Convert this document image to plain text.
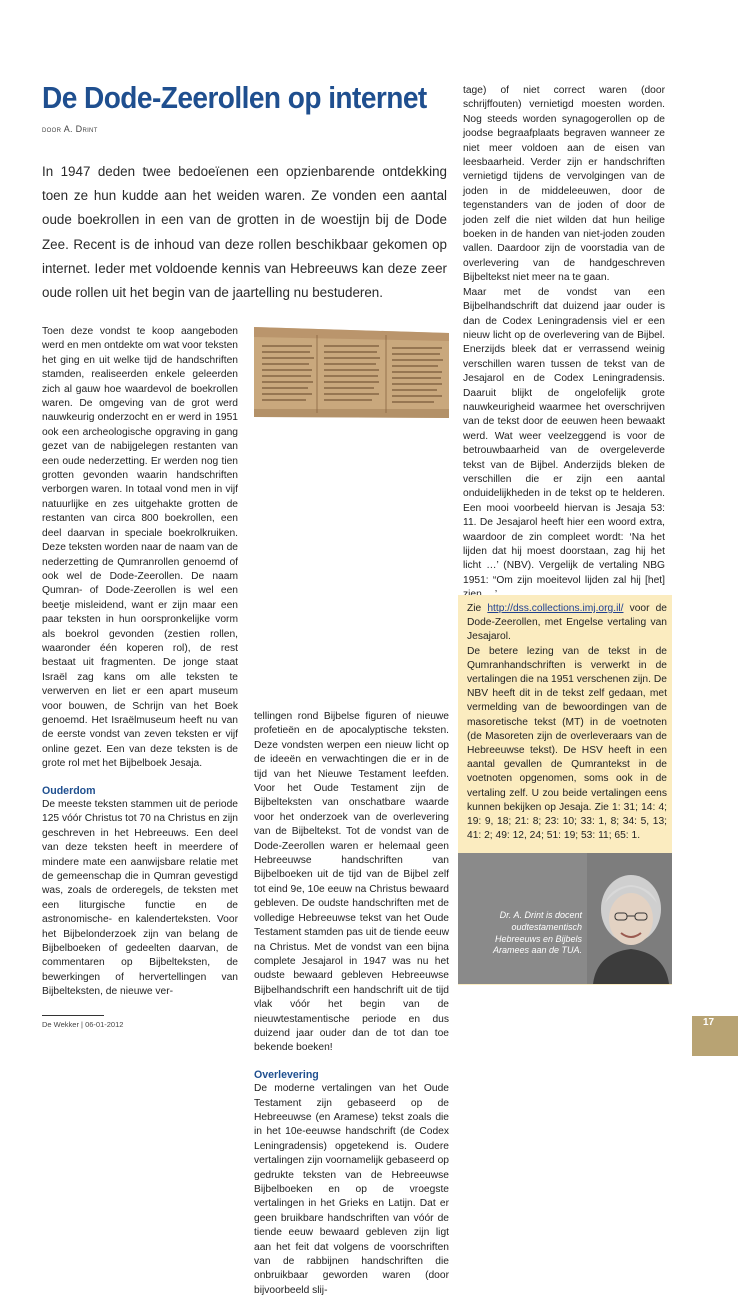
De Dode-Zeerollen op internet
door A. Drint
In 1947 deden twee bedoeïenen een opzienbarende ontdekking toen ze hun kudde aan het weiden waren. Ze vonden een aantal oude boekrollen in een van de grotten in de woestijn bij de Dode Zee. Recent is de inhoud van deze rollen beschikbaar gekomen op internet. Ieder met voldoende kennis van Hebreeuws kan deze zeer oude rollen uit het begin van de jaartelling nu bestuderen.

Toen deze vondst te koop aangeboden werd en men ontdekte om wat voor teksten het ging en uit welke tijd de handschriften stamden, realiseerden enkele geleerden zich al gauw hoe waardevol de boekrollen waren. De omgeving van de grot werd nauwkeurig onderzocht en er werd in 1951 ook een archeologische opgraving in gang gezet van de nabijgelegen restanten van een oude nederzetting. Er werden nog tien grotten gevonden waarin handschriften verborgen waren. In totaal vond men in vijf natuurlijke en zes uitgehakte grotten de restanten van circa 800 boekrollen, een deel daarvan in speciale boekrolkruiken. Deze teksten worden naar de naam van de nederzetting de Qumranrollen genoemd of ook wel de Dode-Zeerollen. De naam Qumran- of Dode-Zeerollen is wel een beetje misleidend, want er zijn maar een paar teksten in hun oorspronkelijke vorm als boekrol gevonden (zestien rollen, waaronder één koperen rol), de rest bestaat uit fragmenten. De jonge staat Israël zag kans om alle teksten te verwerven en liet er een apart museum voor bouwen, de Schrijn van het Boek genoemd. Het Israëlmuseum heeft nu van de eerste vondst van zeven teksten er vijf online gezet. Een van deze teksten is de grote rol met het Bijbelboek Jesaja.

Ouderdom

De meeste teksten stammen uit de periode 125 vóór Christus tot 70 na Christus en zijn geschreven in het Hebreeuws. Een deel van deze teksten heeft in meerdere of mindere mate een aanwijsbare relatie met de gemeenschap die in Qumran gevestigd was, zoals de orderegels, de teksten met een liturgische functie en de astronomische- en kalenderteksten. Voor het Bijbelonderzoek zijn van belang de Bijbelboeken of gedeelten daarvan, de commentaren op Bijbelteksten, de bewerkingen of hervertellingen van Bijbelteksten, de nieuwe ver-

tellingen rond Bijbelse figuren of nieuwe profetieën en de apocalyptische teksten. Deze vondsten werpen een nieuw licht op de ideeën en verwachtingen die er in de tijd van het Nieuwe Testament leefden. Voor het Oude Testament zijn de Bijbelteksten van onschatbare waarde voor het onderzoek van de overlevering van de Bijbeltekst. Tot de vondst van de Dode-Zeerollen waren er helemaal geen Hebreeuwse handschriften van Bijbelboeken uit de tijd van de Bijbel zelf tot eind 9e, 10e eeuw na Christus bewaard gebleven. De oudste handschriften met de volledige Hebreeuwse tekst van het Oude Testament stamden pas uit de tiende eeuw na Christus. Met de vondst van een bijna complete Jesajarol in 1947 was nu het oudste bewaard gebleven Hebreeuwse Bijbelhandschrift een handschrift uit de tijd vlak vóór het begin van de nieuwtestamentische periode en dus duizend jaar ouder dan de tot dan toe bekende boeken!

Overlevering

De moderne vertalingen van het Oude Testament zijn gebaseerd op de Hebreeuwse (en Aramese) tekst zoals die in het 10e-eeuwse handschrift (de Codex Leningradensis) opgetekend is. Oudere vertalingen zijn voornamelijk gebaseerd op gedrukte teksten van de Hebreeuwse Bijbelboeken en op de vroegste vertalingen in het Grieks en Latijn. Dat er geen bruikbare handschriften van vóór de tiende eeuw bewaard gebleven zijn ligt aan het feit dat volgens de voorschriften van de rabbijnen handschriften die onbruikbaar geworden waren (door bijvoorbeeld slij-

tage) of niet correct waren (door schrijffouten) vernietigd moesten worden. Nog steeds worden synagogerollen op de joodse begraafplaats begraven wanneer ze niet meer voldoen aan de eisen van leesbaarheid. Verder zijn er handschriften vernietigd tijdens de vervolgingen van de joden in de middeleeuwen, door de tegenstanders van de joden of door de joden zelf die niet wilden dat hun heilige boeken in de handen van niet-joden zouden vallen. Daardoor zijn de voorstadia van de overlevering van de handgeschreven Bijbeltekst niet meer na te gaan.

Maar met de vondst van een Bijbelhandschrift dat duizend jaar ouder is dan de Codex Leningradensis viel er een nieuw licht op de overlevering van de Bijbel. Enerzijds bleek dat er verrassend weinig verschillen waren tussen de tekst van de Jesajarol en de Codex Leningradensis. Daaruit blijkt de ongelofelijk grote nauwkeurigheid waarmee het overschrijven van de tekst door de eeuwen heen bewaakt werd. Wat weer veelzeggend is voor de betrouwbaarheid van de overgeleverde tekst van de Bijbel. Anderzijds bleken de verschillen die er zijn een aantal onduidelijkheden in de tekst op te helderen. Een mooi voorbeeld hiervan is Jesaja 53: 11. De Jesajarol heeft hier een woord extra, waardoor de zin compleet wordt: ‘Na het lijden dat hij moest doorstaan, zag hij het licht …’ (NBV). Vergelijk de vertaling NBG 1951: “Om zijn moeitevol lijden zal hij [het]

Zie http://dss.collections.imj.org.il/ voor de Dode-Zeerollen, met Engelse vertaling van Jesajarol.

De betere lezing van de tekst in de Qumranhandschriften is verwerkt in de vertalingen die na 1951 verschenen zijn. De NBV heeft dit in de tekst zelf gedaan, met vermelding van de bewoordingen van de masoretische tekst (MT) in de voetnoten (de Masoreten zijn de overleveraars van de Hebreeuwse tekst). De HSV heeft in een aantal gevallen de Qumrantekst in de voetnoten opgenomen, soms ook in de vertaling zelf. U zou beide vertalingen eens kunnen bekijken op Jesaja. Zie 1: 31; 14: 4; 19: 9, 18; 21: 8; 23: 10; 33: 1, 8; 34: 5, 13; 41: 2; 49: 12, 24; 51: 19; 53: 11; 65: 1.

Dr. A. Drint is docent oudtestamentisch Hebreeuws en Bijbels Aramees aan de TUA.
De Wekker | 06-01-2012	17
